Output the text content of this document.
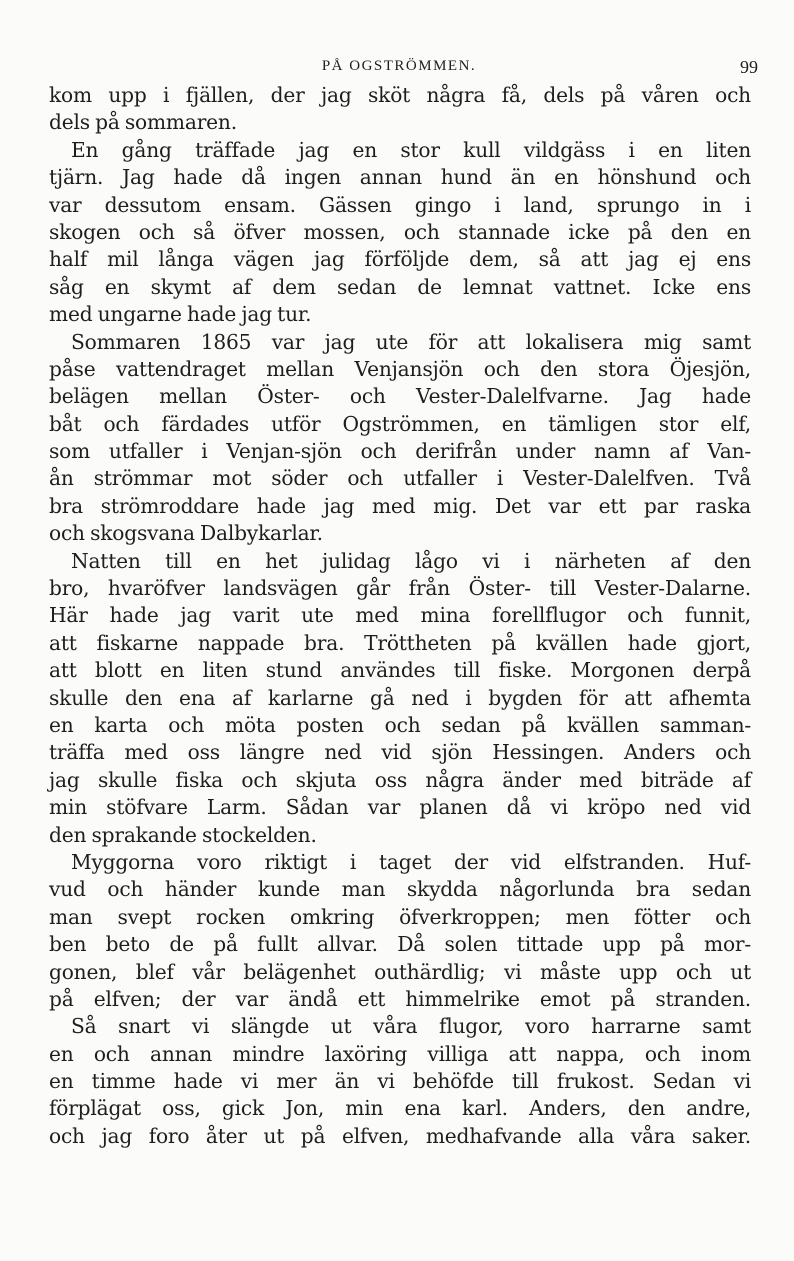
PÅ OGSTRÖMMEN.	99
kom upp i fjällen, der jag sköt några få, dels på våren och
dels på sommaren.
En gång träffade jag en stor kull vildgäss i en liten
tjärn. Jag hade då ingen annan hund än en hönshund och
var dessutom ensam. Gässen gingo i land, sprungo in i
skogen och så öfver mossen, och stannade icke på den en
half mil långa vägen jag förföljde dem, så att jag ej ens
såg en skymt af dem sedan de lemnat vattnet. Icke ens
med ungarne hade jag tur.
Sommaren 1865 var jag ute för att lokalisera mig samt
påse vattendraget mellan Venjansjön och den stora Öjesjön,
belägen mellan Öster- och Vester-Dalelfvarne. Jag hade
båt och färdades utför Ogströmmen, en tämligen stor elf,
som utfaller i Venjan-sjön och derifrån under namn af Van-
ån strömmar mot söder och utfaller i Vester-Dalelfven. Två
bra strömroddare hade jag med mig. Det var ett par raska
och skogsvana Dalbykarlar.
Natten till en het julidag lågo vi i närheten af den
bro, hvaröfver landsvägen går från Öster- till Vester-Dalarne.
Här hade jag varit ute med mina forellflugor och funnit,
att fiskarne nappade bra. Tröttheten på kvällen hade gjort,
att blott en liten stund användes till fiske. Morgonen derpå
skulle den ena af karlarne gå ned i bygden för att afhemta
en karta och möta posten och sedan på kvällen samman-
träffa med oss längre ned vid sjön Hessingen. Anders och
jag skulle fiska och skjuta oss några änder med biträde af
min stöfvare Larm. Sådan var planen då vi kröpo ned vid
den sprakande stockelden.
Myggorna voro riktigt i taget der vid elfstranden. Huf-
vud och händer kunde man skydda någorlunda bra sedan
man svept rocken omkring öfverkroppen; men fötter och
ben beto de på fullt allvar. Då solen tittade upp på mor-
gonen, blef vår belägenhet outhärdlig; vi måste upp och ut
på elfven; der var ändå ett himmelrike emot på stranden.
Så snart vi slängde ut våra flugor, voro harrarne samt
en och annan mindre laxöring villiga att nappa, och inom
en timme hade vi mer än vi behöfde till frukost. Sedan vi
förplägat oss, gick Jon, min ena karl. Anders, den andre,
och jag foro åter ut på elfven, medhafvande alla våra saker.
